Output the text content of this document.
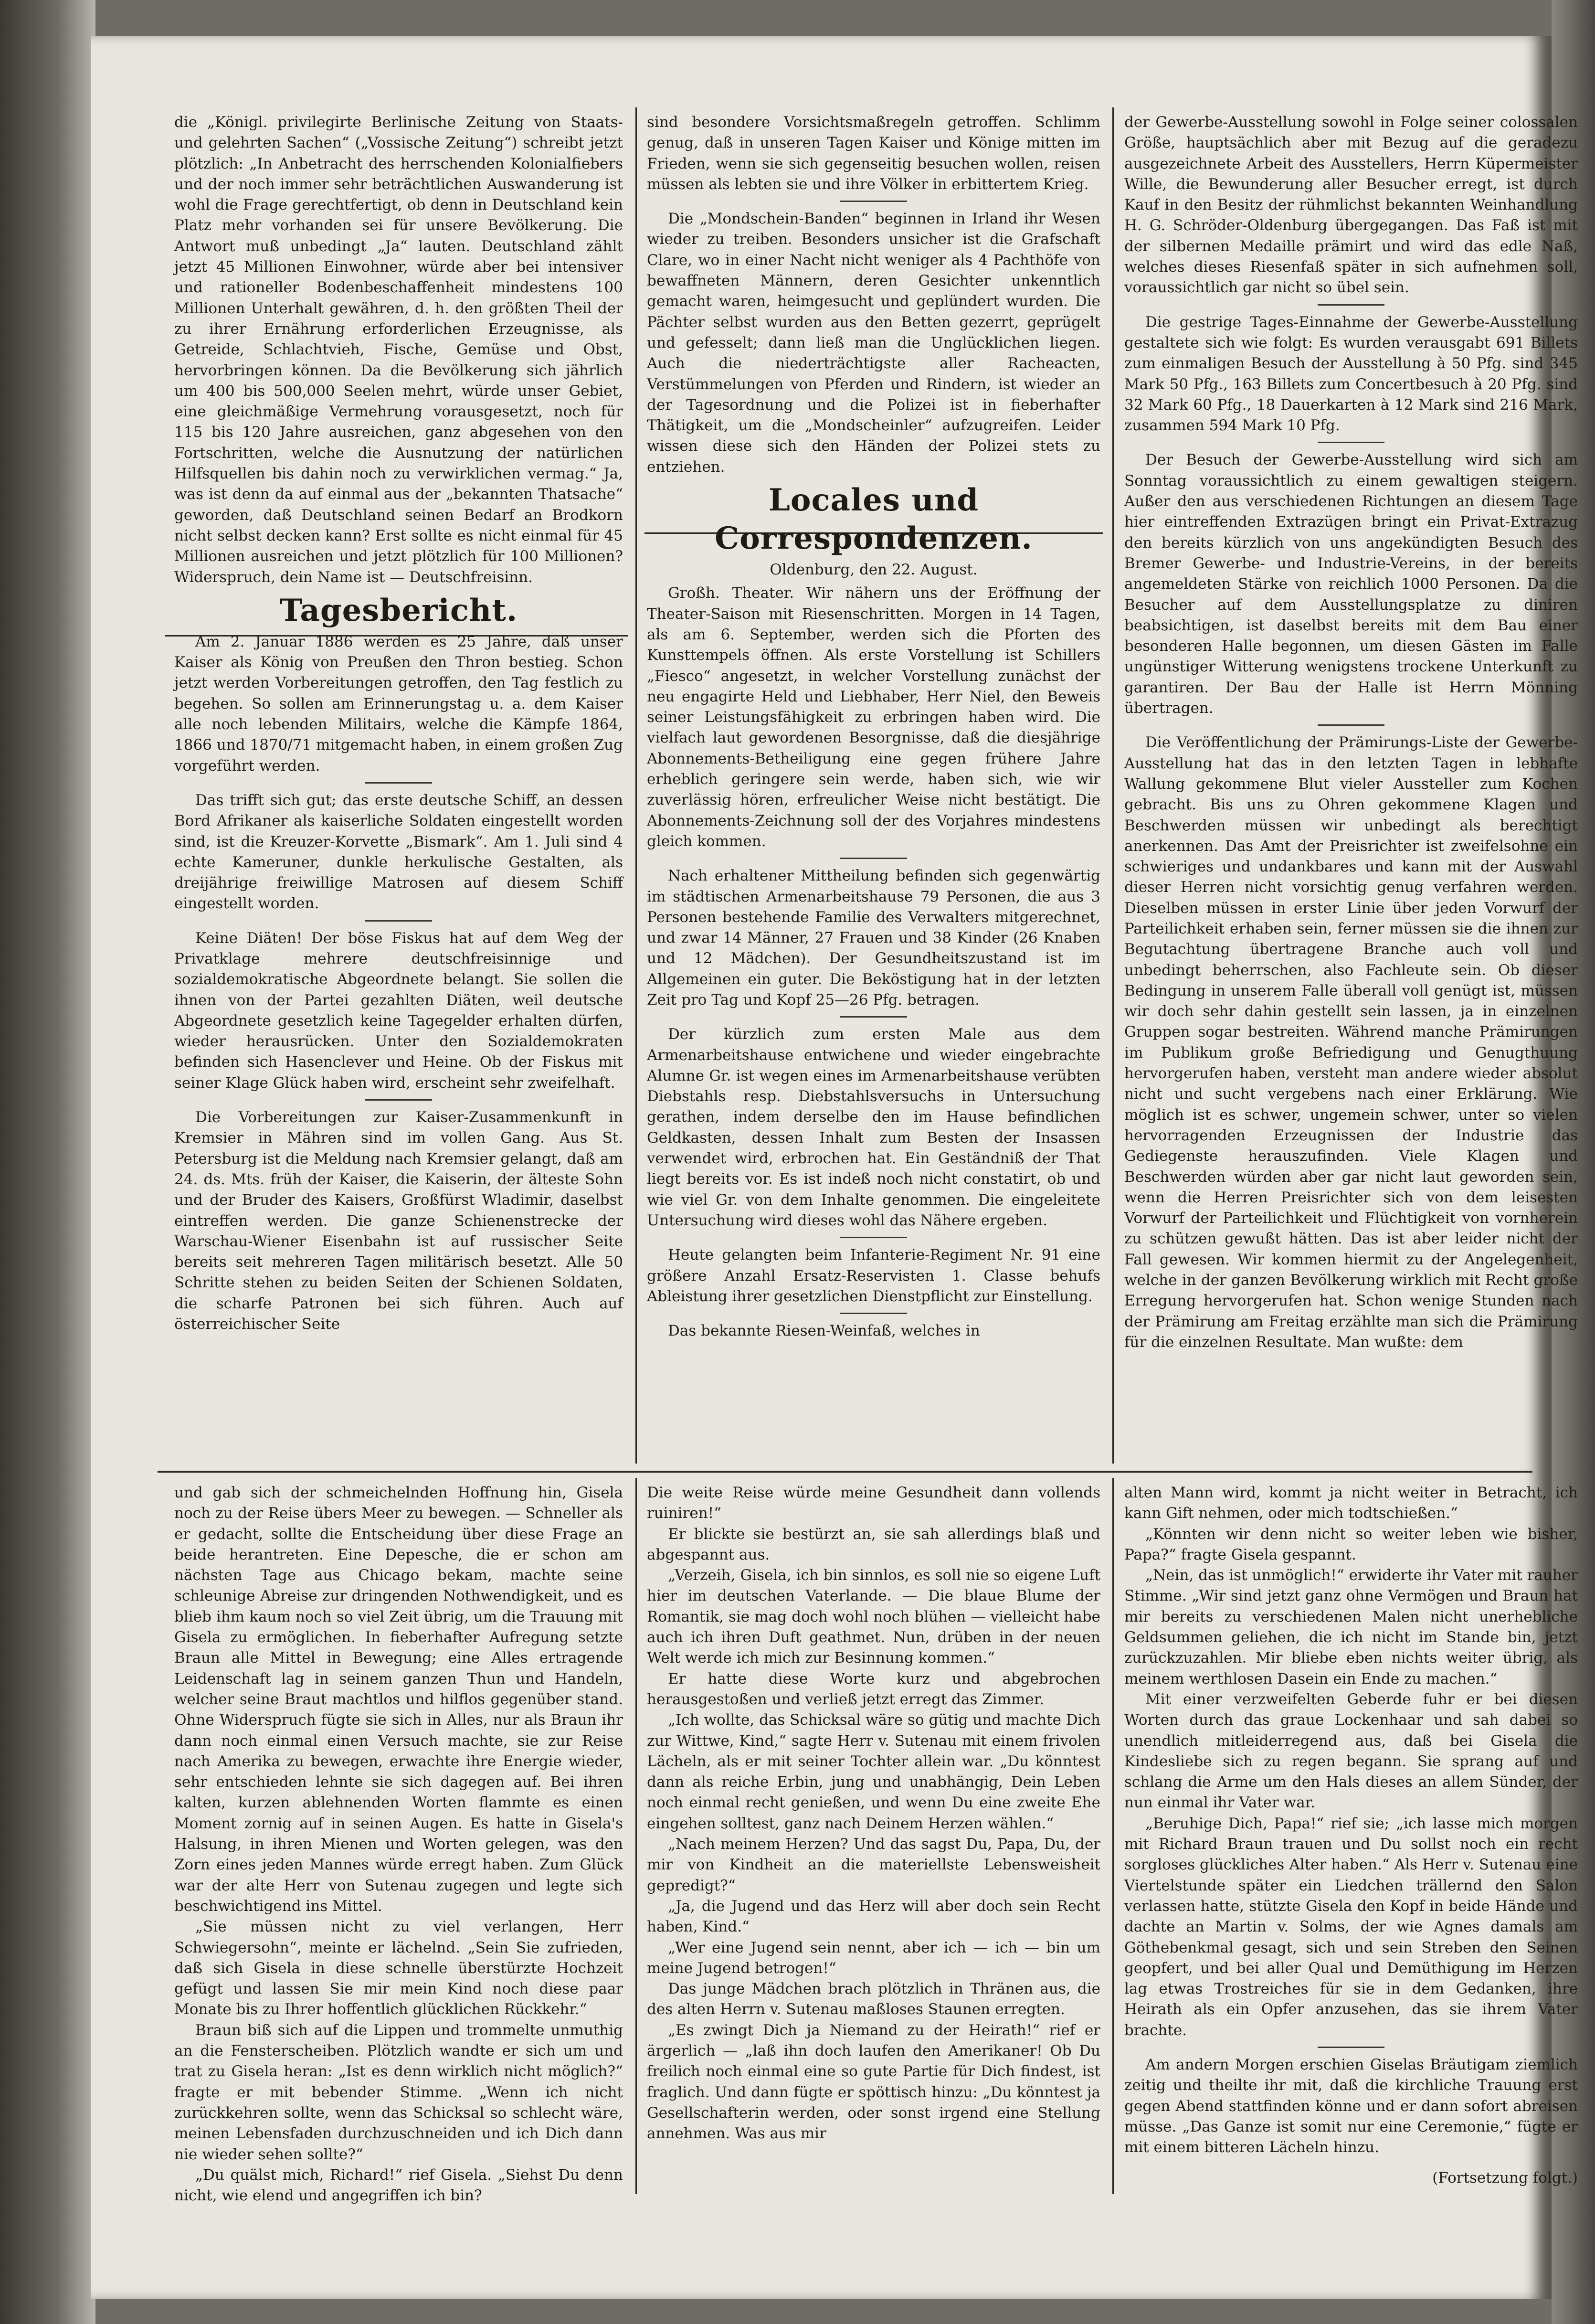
die „Königl. privilegirte Berlinische Zeitung von Staats- und gelehrten Sachen“ („Vossische Zeitung“) schreibt jetzt plötzlich: „In Anbetracht des herrschenden Kolonialfiebers und der noch immer sehr beträchtlichen Auswanderung ist wohl die Frage gerechtfertigt, ob denn in Deutschland kein Platz mehr vorhanden sei für unsere Bevölkerung. Die Antwort muß unbedingt „Ja“ lauten. Deutschland zählt jetzt 45 Millionen Einwohner, würde aber bei intensiver und rationeller Bodenbeschaffenheit mindestens 100 Millionen Unterhalt gewähren, d. h. den größten Theil der zu ihrer Ernährung erforderlichen Erzeugnisse, als Getreide, Schlachtvieh, Fische, Gemüse und Obst, hervorbringen können. Da die Bevölkerung sich jährlich um 400 bis 500,000 Seelen mehrt, würde unser Gebiet, eine gleichmäßige Vermehrung vorausgesetzt, noch für 115 bis 120 Jahre ausreichen, ganz abgesehen von den Fortschritten, welche die Ausnutzung der natürlichen Hilfsquellen bis dahin noch zu verwirklichen vermag.“ Ja, was ist denn da auf einmal aus der „bekannten Thatsache“ geworden, daß Deutschland seinen Bedarf an Brodkorn nicht selbst decken kann? Erst sollte es nicht einmal für 45 Millionen ausreichen und jetzt plötzlich für 100 Millionen? Widerspruch, dein Name ist — Deutschfreisinn.

Tagesbericht.

Am 2. Januar 1886 werden es 25 Jahre, daß unser Kaiser als König von Preußen den Thron bestieg. Schon jetzt werden Vorbereitungen getroffen, den Tag festlich zu begehen. So sollen am Erinnerungstag u. a. dem Kaiser alle noch lebenden Militairs, welche die Kämpfe 1864, 1866 und 1870/71 mitgemacht haben, in einem großen Zug vorgeführt werden.

Das trifft sich gut; das erste deutsche Schiff, an dessen Bord Afrikaner als kaiserliche Soldaten eingestellt worden sind, ist die Kreuzer-Korvette „Bismark“. Am 1. Juli sind 4 echte Kameruner, dunkle herkulische Gestalten, als dreijährige freiwillige Matrosen auf diesem Schiff eingestellt worden.

Keine Diäten! Der böse Fiskus hat auf dem Weg der Privatklage mehrere deutschfreisinnige und sozialdemokratische Abgeordnete belangt. Sie sollen die ihnen von der Partei gezahlten Diäten, weil deutsche Abgeordnete gesetzlich keine Tagegelder erhalten dürfen, wieder herausrücken. Unter den Sozialdemokraten befinden sich Hasenclever und Heine. Ob der Fiskus mit seiner Klage Glück haben wird, erscheint sehr zweifelhaft.

Die Vorbereitungen zur Kaiser-Zusammenkunft in Kremsier in Mähren sind im vollen Gang. Aus St. Petersburg ist die Meldung nach Kremsier gelangt, daß am 24. ds. Mts. früh der Kaiser, die Kaiserin, der älteste Sohn und der Bruder des Kaisers, Großfürst Wladimir, daselbst eintreffen werden. Die ganze Schienenstrecke der Warschau-Wiener Eisenbahn ist auf russischer Seite bereits seit mehreren Tagen militärisch besetzt. Alle 50 Schritte stehen zu beiden Seiten der Schienen Soldaten, die scharfe Patronen bei sich führen. Auch auf österreichischer Seite

sind besondere Vorsichtsmaßregeln getroffen. Schlimm genug, daß in unseren Tagen Kaiser und Könige mitten im Frieden, wenn sie sich gegenseitig besuchen wollen, reisen müssen als lebten sie und ihre Völker in erbittertem Krieg.

Die „Mondschein-Banden“ beginnen in Irland ihr Wesen wieder zu treiben. Besonders unsicher ist die Grafschaft Clare, wo in einer Nacht nicht weniger als 4 Pachthöfe von bewaffneten Männern, deren Gesichter unkenntlich gemacht waren, heimgesucht und geplündert wurden. Die Pächter selbst wurden aus den Betten gezerrt, geprügelt und gefesselt; dann ließ man die Unglücklichen liegen. Auch die niederträchtigste aller Racheacten, Verstümmelungen von Pferden und Rindern, ist wieder an der Tagesordnung und die Polizei ist in fieberhafter Thätigkeit, um die „Mondscheinler“ aufzugreifen. Leider wissen diese sich den Händen der Polizei stets zu entziehen.

Locales und Correspondenzen.
Oldenburg, den 22. August.

Großh. Theater. Wir nähern uns der Eröffnung der Theater-Saison mit Riesenschritten. Morgen in 14 Tagen, als am 6. September, werden sich die Pforten des Kunsttempels öffnen. Als erste Vorstellung ist Schillers „Fiesco“ angesetzt, in welcher Vorstellung zunächst der neu engagirte Held und Liebhaber, Herr Niel, den Beweis seiner Leistungsfähigkeit zu erbringen haben wird. Die vielfach laut gewordenen Besorgnisse, daß die diesjährige Abonnements-Betheiligung eine gegen frühere Jahre erheblich geringere sein werde, haben sich, wie wir zuverlässig hören, erfreulicher Weise nicht bestätigt. Die Abonnements-Zeichnung soll der des Vorjahres mindestens gleich kommen.

Nach erhaltener Mittheilung befinden sich gegenwärtig im städtischen Armenarbeitshause 79 Personen, die aus 3 Personen bestehende Familie des Verwalters mitgerechnet, und zwar 14 Männer, 27 Frauen und 38 Kinder (26 Knaben und 12 Mädchen). Der Gesundheitszustand ist im Allgemeinen ein guter. Die Beköstigung hat in der letzten Zeit pro Tag und Kopf 25—26 Pfg. betragen.

Der kürzlich zum ersten Male aus dem Armenarbeitshause entwichene und wieder eingebrachte Alumne Gr. ist wegen eines im Armenarbeitshause verübten Diebstahls resp. Diebstahlsversuchs in Untersuchung gerathen, indem derselbe den im Hause befindlichen Geldkasten, dessen Inhalt zum Besten der Insassen verwendet wird, erbrochen hat. Ein Geständniß der That liegt bereits vor. Es ist indeß noch nicht constatirt, ob und wie viel Gr. von dem Inhalte genommen. Die eingeleitete Untersuchung wird dieses wohl das Nähere ergeben.

Heute gelangten beim Infanterie-Regiment Nr. 91 eine größere Anzahl Ersatz-Reservisten 1. Classe behufs Ableistung ihrer gesetzlichen Dienstpflicht zur Einstellung.

Das bekannte Riesen-Weinfaß, welches in

der Gewerbe-Ausstellung sowohl in Folge seiner colossalen Größe, hauptsächlich aber mit Bezug auf die geradezu ausgezeichnete Arbeit des Ausstellers, Herrn Küpermeister Wille, die Bewunderung aller Besucher erregt, ist durch Kauf in den Besitz der rühmlichst bekannten Weinhandlung H. G. Schröder-Oldenburg übergegangen. Das Faß ist mit der silbernen Medaille prämirt und wird das edle Naß, welches dieses Riesenfaß später in sich aufnehmen soll, voraussichtlich gar nicht so übel sein.

Die gestrige Tages-Einnahme der Gewerbe-Ausstellung gestaltete sich wie folgt: Es wurden verausgabt 691 Billets zum einmaligen Besuch der Ausstellung à 50 Pfg. sind 345 Mark 50 Pfg., 163 Billets zum Concertbesuch à 20 Pfg. sind 32 Mark 60 Pfg., 18 Dauerkarten à 12 Mark sind 216 Mark, zusammen 594 Mark 10 Pfg.

Der Besuch der Gewerbe-Ausstellung wird sich am Sonntag voraussichtlich zu einem gewaltigen steigern. Außer den aus verschiedenen Richtungen an diesem Tage hier eintreffenden Extrazügen bringt ein Privat-Extrazug den bereits kürzlich von uns angekündigten Besuch des Bremer Gewerbe- und Industrie-Vereins, in der bereits angemeldeten Stärke von reichlich 1000 Personen. Da die Besucher auf dem Ausstellungsplatze zu diniren beabsichtigen, ist daselbst bereits mit dem Bau einer besonderen Halle begonnen, um diesen Gästen im Falle ungünstiger Witterung wenigstens trockene Unterkunft zu garantiren. Der Bau der Halle ist Herrn Mönning übertragen.

Die Veröffentlichung der Prämirungs-Liste der Gewerbe-Ausstellung hat das in den letzten Tagen in lebhafte Wallung gekommene Blut vieler Aussteller zum Kochen gebracht. Bis uns zu Ohren gekommene Klagen und Beschwerden müssen wir unbedingt als berechtigt anerkennen. Das Amt der Preisrichter ist zweifelsohne ein schwieriges und undankbares und kann mit der Auswahl dieser Herren nicht vorsichtig genug verfahren werden. Dieselben müssen in erster Linie über jeden Vorwurf der Parteilichkeit erhaben sein, ferner müssen sie die ihnen zur Begutachtung übertragene Branche auch voll und unbedingt beherrschen, also Fachleute sein. Ob dieser Bedingung in unserem Falle überall voll genügt ist, müssen wir doch sehr dahin gestellt sein lassen, ja in einzelnen Gruppen sogar bestreiten. Während manche Prämirungen im Publikum große Befriedigung und Genugthuung hervorgerufen haben, versteht man andere wieder absolut nicht und sucht vergebens nach einer Erklärung. Wie möglich ist es schwer, ungemein schwer, unter so vielen hervorragenden Erzeugnissen der Industrie das Gediegenste herauszufinden. Viele Klagen und Beschwerden würden aber gar nicht laut geworden sein, wenn die Herren Preisrichter sich von dem leisesten Vorwurf der Parteilichkeit und Flüchtigkeit von vornherein zu schützen gewußt hätten. Das ist aber leider nicht der Fall gewesen. Wir kommen hiermit zu der Angelegenheit, welche in der ganzen Bevölkerung wirklich mit Recht große Erregung hervorgerufen hat. Schon wenige Stunden nach der Prämirung am Freitag erzählte man sich die Prämirung für die einzelnen Resultate. Man wußte: dem

und gab sich der schmeichelnden Hoffnung hin, Gisela noch zu der Reise übers Meer zu bewegen. — Schneller als er gedacht, sollte die Entscheidung über diese Frage an beide herantreten. Eine Depesche, die er schon am nächsten Tage aus Chicago bekam, machte seine schleunige Abreise zur dringenden Nothwendigkeit, und es blieb ihm kaum noch so viel Zeit übrig, um die Trauung mit Gisela zu ermöglichen. In fieberhafter Aufregung setzte Braun alle Mittel in Bewegung; eine Alles ertragende Leidenschaft lag in seinem ganzen Thun und Handeln, welcher seine Braut machtlos und hilflos gegenüber stand. Ohne Widerspruch fügte sie sich in Alles, nur als Braun ihr dann noch einmal einen Versuch machte, sie zur Reise nach Amerika zu bewegen, erwachte ihre Energie wieder, sehr entschieden lehnte sie sich dagegen auf. Bei ihren kalten, kurzen ablehnenden Worten flammte es einen Moment zornig auf in seinen Augen. Es hatte in Gisela's Halsung, in ihren Mienen und Worten gelegen, was den Zorn eines jeden Mannes würde erregt haben. Zum Glück war der alte Herr von Sutenau zugegen und legte sich beschwichtigend ins Mittel.

„Sie müssen nicht zu viel verlangen, Herr Schwiegersohn“, meinte er lächelnd. „Sein Sie zufrieden, daß sich Gisela in diese schnelle überstürzte Hochzeit gefügt und lassen Sie mir mein Kind noch diese paar Monate bis zu Ihrer hoffentlich glücklichen Rückkehr.“

Braun biß sich auf die Lippen und trommelte unmuthig an die Fensterscheiben. Plötzlich wandte er sich um und trat zu Gisela heran: „Ist es denn wirklich nicht möglich?“ fragte er mit bebender Stimme. „Wenn ich nicht zurückkehren sollte, wenn das Schicksal so schlecht wäre, meinen Lebensfaden durchzuschneiden und ich Dich dann nie wieder sehen sollte?“

„Du quälst mich, Richard!“ rief Gisela. „Siehst Du denn nicht, wie elend und angegriffen ich bin?

Die weite Reise würde meine Gesundheit dann vollends ruiniren!“

Er blickte sie bestürzt an, sie sah allerdings blaß und abgespannt aus.

„Verzeih, Gisela, ich bin sinnlos, es soll nie so eigene Luft hier im deutschen Vaterlande. — Die blaue Blume der Romantik, sie mag doch wohl noch blühen — vielleicht habe auch ich ihren Duft geathmet. Nun, drüben in der neuen Welt werde ich mich zur Besinnung kommen.“

Er hatte diese Worte kurz und abgebrochen herausgestoßen und verließ jetzt erregt das Zimmer.

„Ich wollte, das Schicksal wäre so gütig und machte Dich zur Wittwe, Kind,“ sagte Herr v. Sutenau mit einem frivolen Lächeln, als er mit seiner Tochter allein war. „Du könntest dann als reiche Erbin, jung und unabhängig, Dein Leben noch einmal recht genießen, und wenn Du eine zweite Ehe eingehen solltest, ganz nach Deinem Herzen wählen.“

„Nach meinem Herzen? Und das sagst Du, Papa, Du, der mir von Kindheit an die materiellste Lebensweisheit gepredigt?“

„Ja, die Jugend und das Herz will aber doch sein Recht haben, Kind.“

„Wer eine Jugend sein nennt, aber ich — ich — bin um meine Jugend betrogen!“

Das junge Mädchen brach plötzlich in Thränen aus, die des alten Herrn v. Sutenau maßloses Staunen erregten.

„Es zwingt Dich ja Niemand zu der Heirath!“ rief er ärgerlich — „laß ihn doch laufen den Amerikaner! Ob Du freilich noch einmal eine so gute Partie für Dich findest, ist fraglich. Und dann fügte er spöttisch hinzu: „Du könntest ja Gesellschafterin werden, oder sonst irgend eine Stellung annehmen. Was aus mir

alten Mann wird, kommt ja nicht weiter in Betracht, ich kann Gift nehmen, oder mich todtschießen.“

„Könnten wir denn nicht so weiter leben wie bisher, Papa?“ fragte Gisela gespannt.

„Nein, das ist unmöglich!“ erwiderte ihr Vater mit rauher Stimme. „Wir sind jetzt ganz ohne Vermögen und Braun hat mir bereits zu verschiedenen Malen nicht unerhebliche Geldsummen geliehen, die ich nicht im Stande bin, jetzt zurückzuzahlen. Mir bliebe eben nichts weiter übrig, als meinem werthlosen Dasein ein Ende zu machen.“

Mit einer verzweifelten Geberde fuhr er bei diesen Worten durch das graue Lockenhaar und sah dabei so unendlich mitleiderregend aus, daß bei Gisela die Kindesliebe sich zu regen begann. Sie sprang auf und schlang die Arme um den Hals dieses an allem Sünder, der nun einmal ihr Vater war.

„Beruhige Dich, Papa!“ rief sie; „ich lasse mich morgen mit Richard Braun trauen und Du sollst noch ein recht sorgloses glückliches Alter haben.“ Als Herr v. Sutenau eine Viertelstunde später ein Liedchen trällernd den Salon verlassen hatte, stützte Gisela den Kopf in beide Hände und dachte an Martin v. Solms, der wie Agnes damals am Göthebenkmal gesagt, sich und sein Streben den Seinen geopfert, und bei aller Qual und Demüthigung im Herzen lag etwas Trostreiches für sie in dem Gedanken, ihre Heirath als ein Opfer anzusehen, das sie ihrem Vater brachte.

Am andern Morgen erschien Giselas Bräutigam ziemlich zeitig und theilte ihr mit, daß die kirchliche Trauung erst gegen Abend stattfinden könne und er dann sofort abreisen müsse. „Das Ganze ist somit nur eine Ceremonie,“ fügte er mit einem bitteren Lächeln hinzu.

(Fortsetzung folgt.)
